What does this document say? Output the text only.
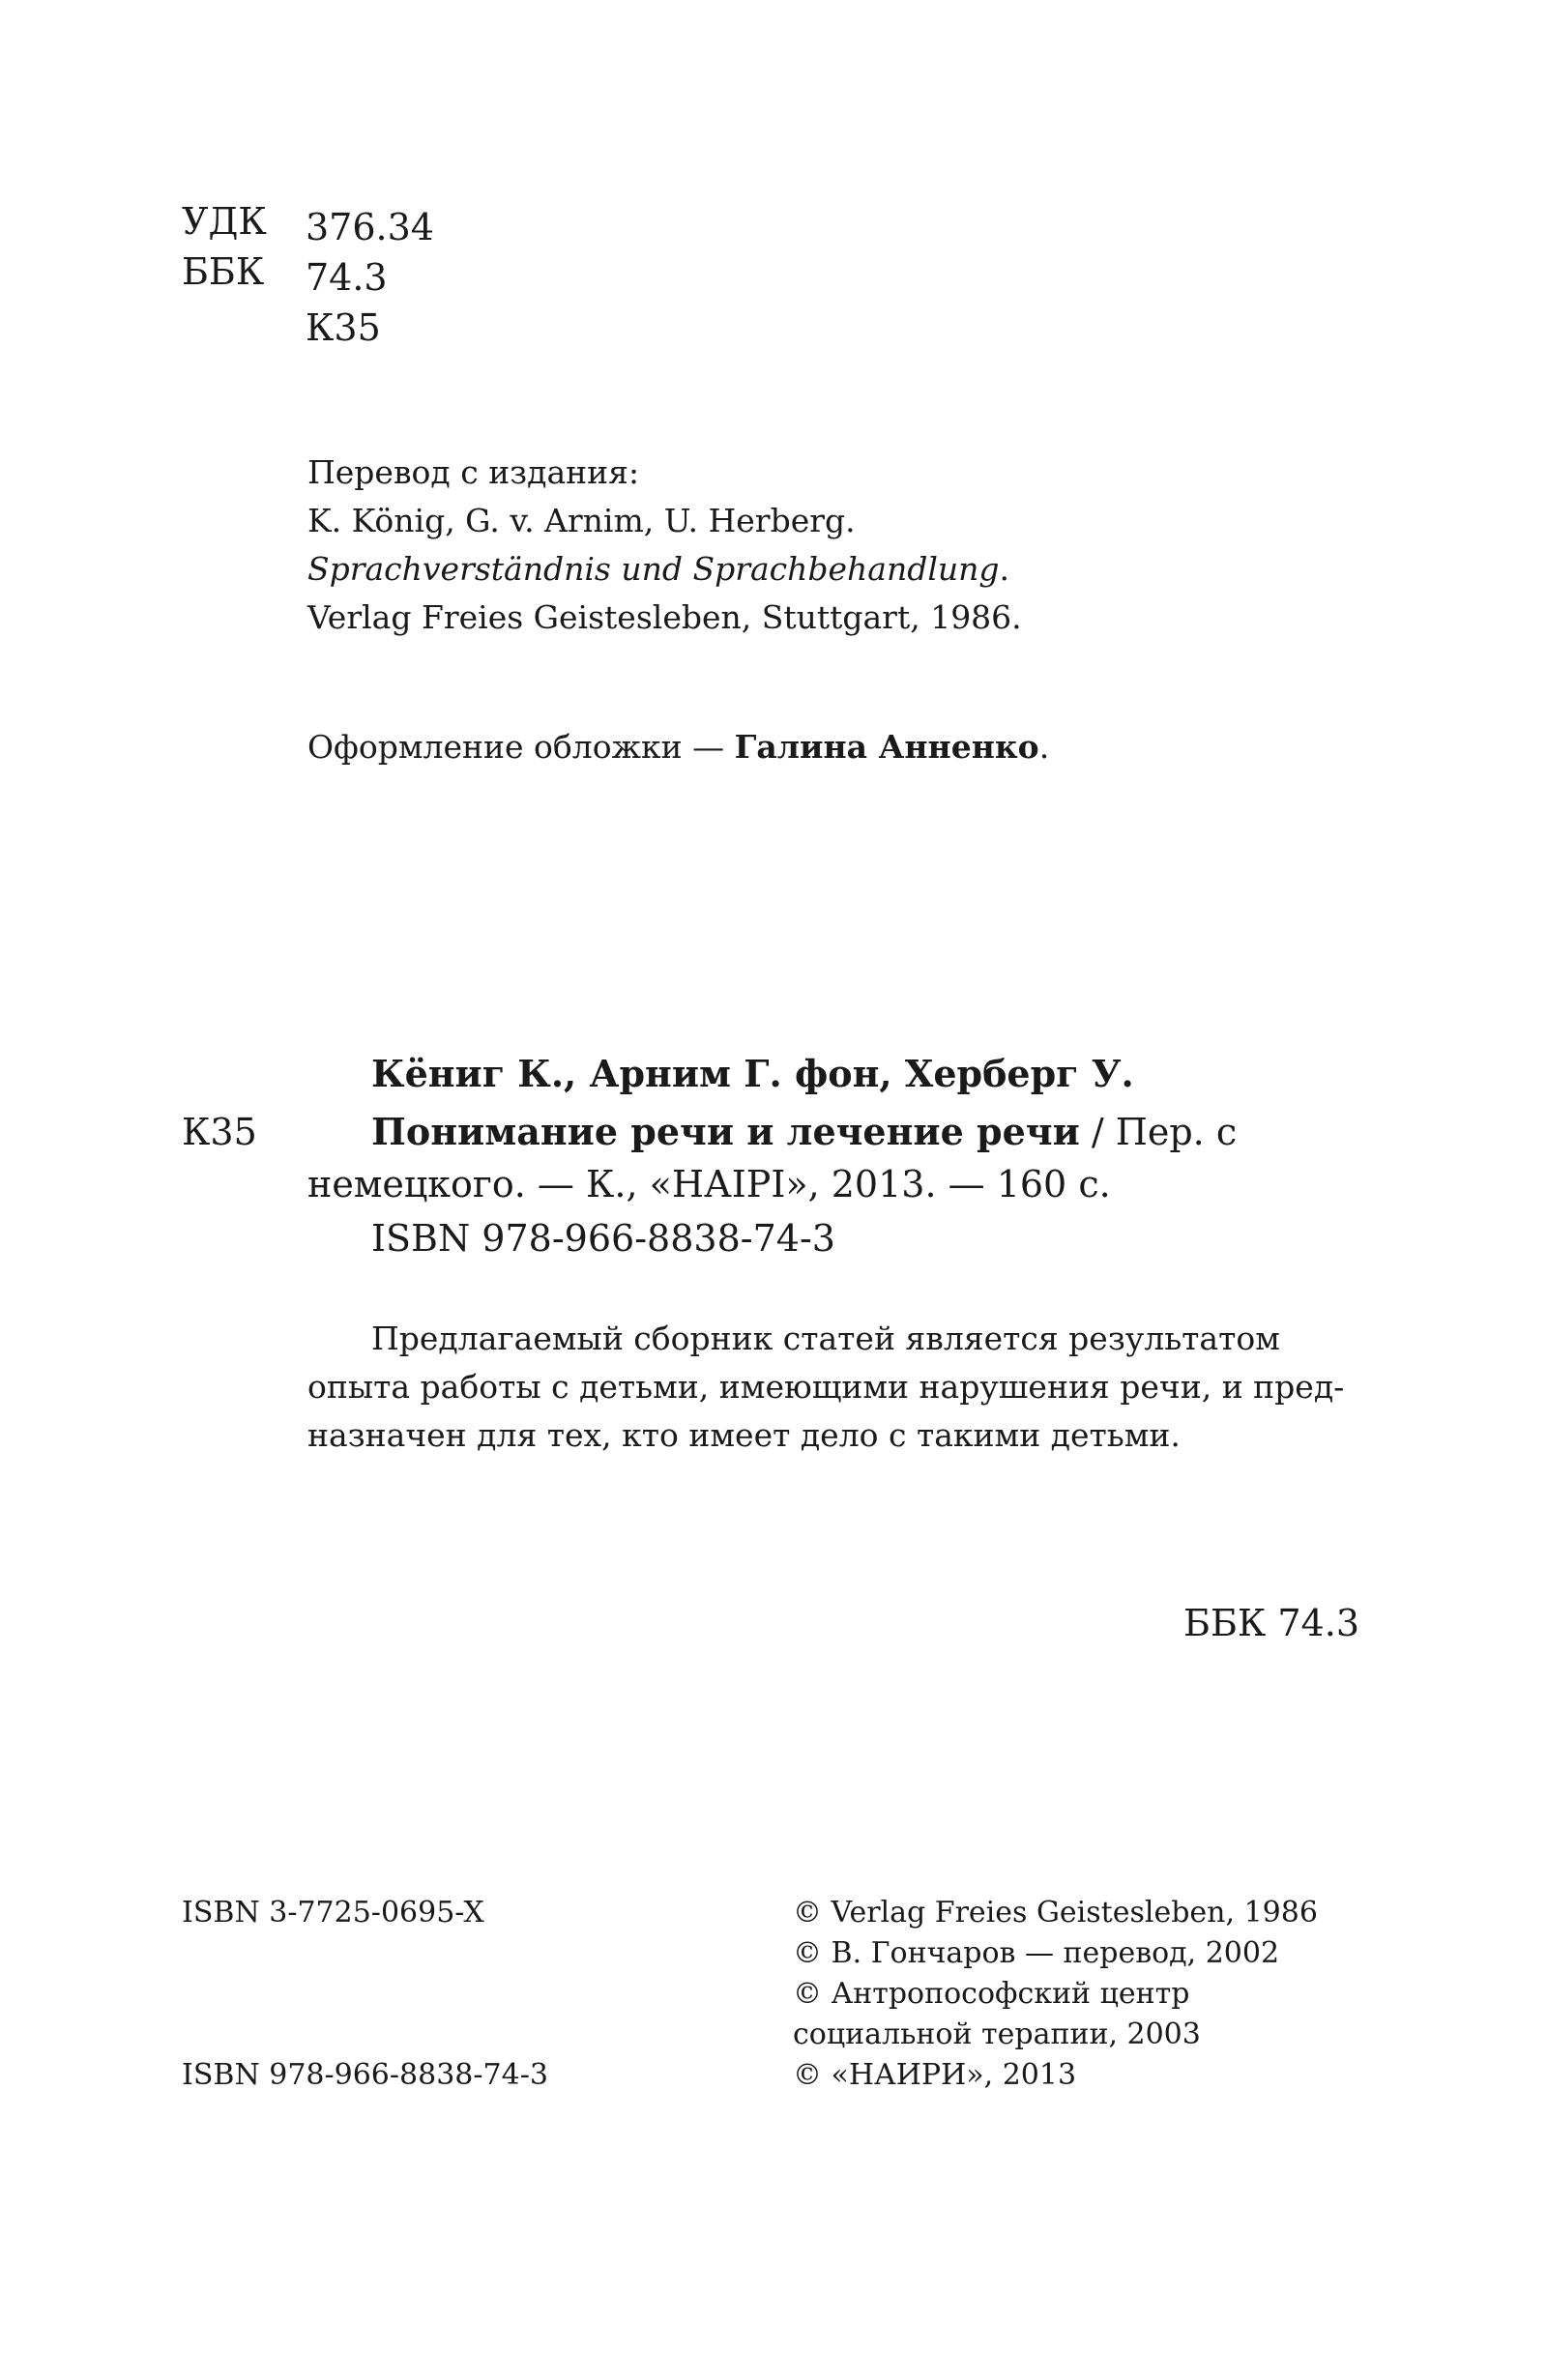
УДК 376.34
ББК 74.3
К35
Перевод с издания:
K. König, G. v. Arnim, U. Herberg.
Sprachverständnis und Sprachbehandlung.
Verlag Freies Geistesleben, Stuttgart, 1986.
Оформление обложки — Галина Анненко.
К35
Кёниг К., Арним Г. фон, Херберг У.
Понимание речи и лечение речи / Пер. с
немецкого. — К., «НАІРІ», 2013. — 160 с.
ISBN 978-966-8838-74-3
Предлагаемый сборник статей является результатом
опыта работы с детьми, имеющими нарушения речи, и пред-
назначен для тех, кто имеет дело с такими детьми.
ББК 74.3
ISBN 3-7725-0695-X
ISBN 978-966-8838-74-3
© Verlag Freies Geistesleben, 1986
© В. Гончаров — перевод, 2002
© Антропософский центр
социальной терапии, 2003
© «НАИРИ», 2013
